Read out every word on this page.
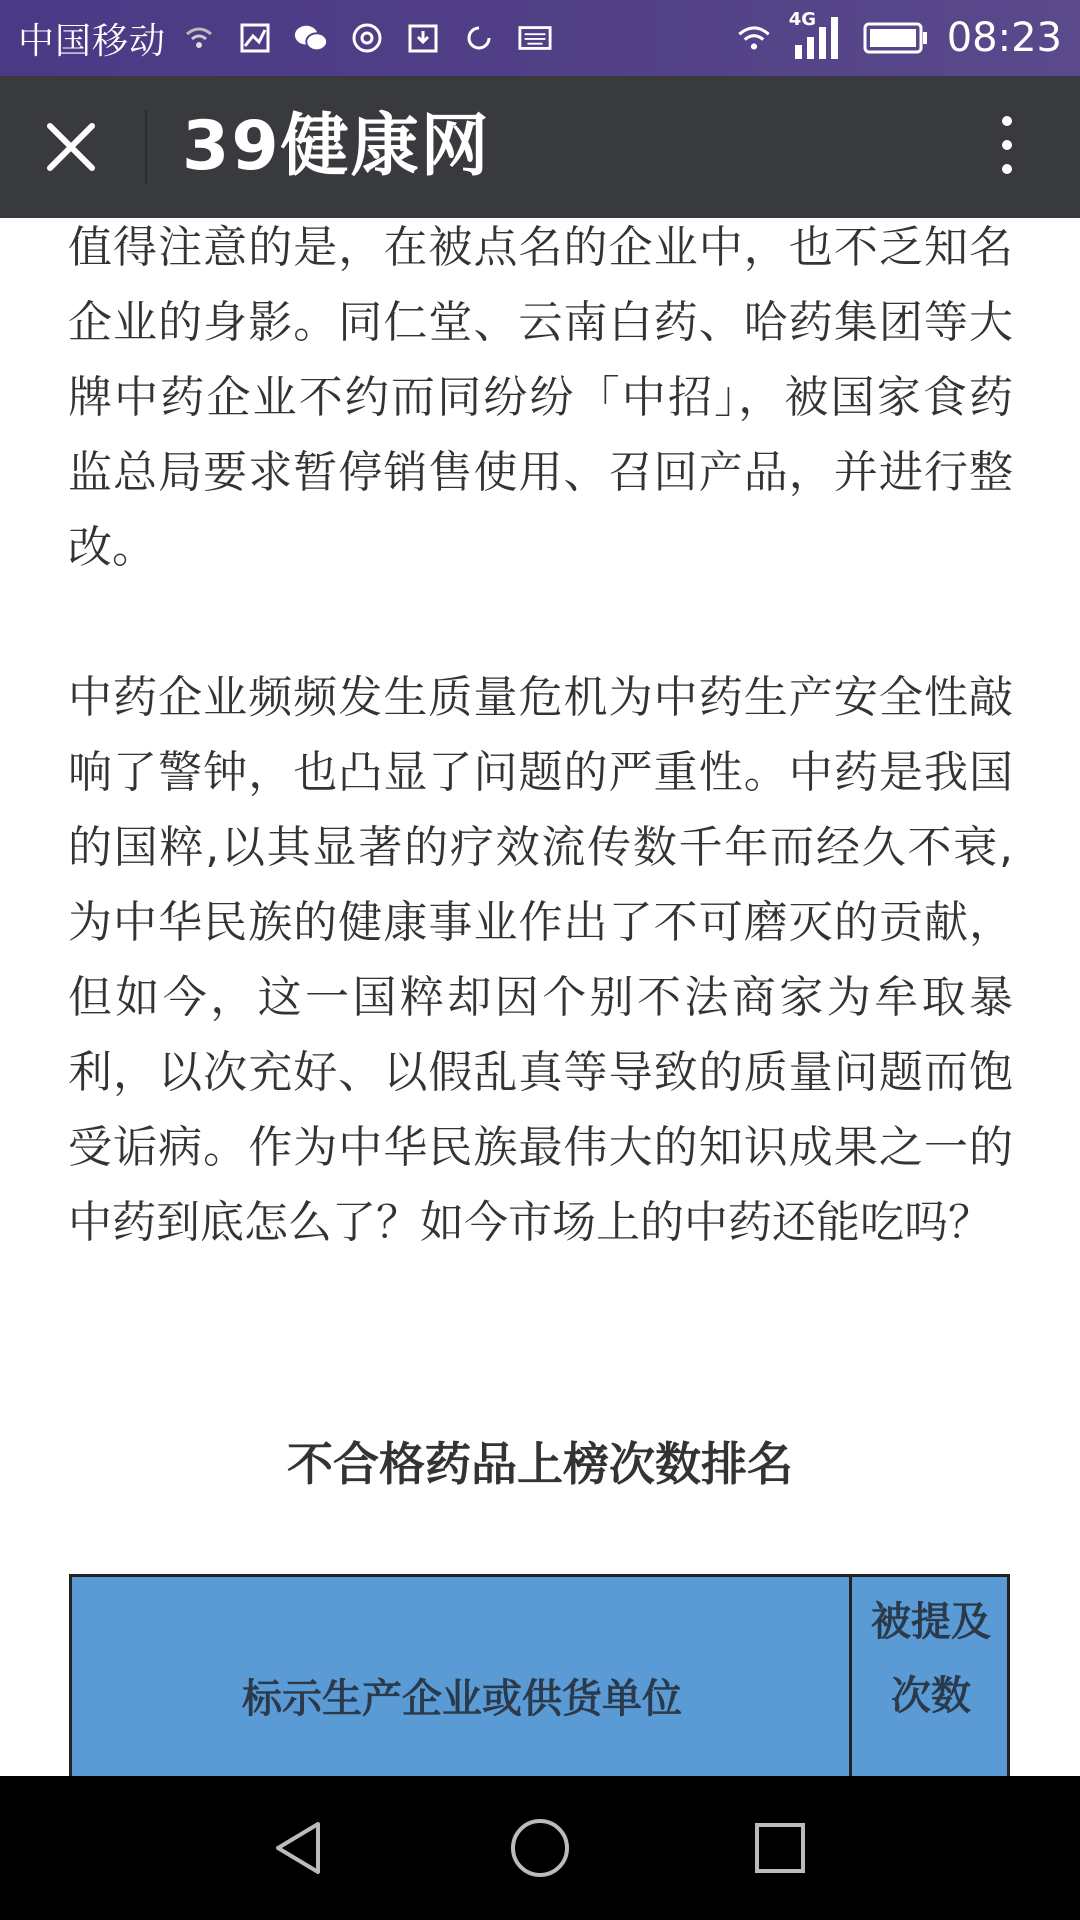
中国移动
4G	08:23
39健康网

值得注意的是，在被点名的企业中，也不乏知名企业的身影。同仁堂、云南白药、哈药集团等大牌中药企业不约而同纷纷「中招」，被国家食药监总局要求暂停销售使用、召回产品，并进行整改。

中药企业频频发生质量危机为中药生产安全性敲响了警钟，也凸显了问题的严重性。中药是我国的国粹,以其显著的疗效流传数千年而经久不衰,为中华民族的健康事业作出了不可磨灭的贡献，但如今，这一国粹却因个别不法商家为牟取暴利，以次充好、以假乱真等导致的质量问题而饱受诟病。作为中华民族最伟大的知识成果之一的中药到底怎么了？如今市场上的中药还能吃吗？

不合格药品上榜次数排名
标示生产企业或供货单位
被提及次数
